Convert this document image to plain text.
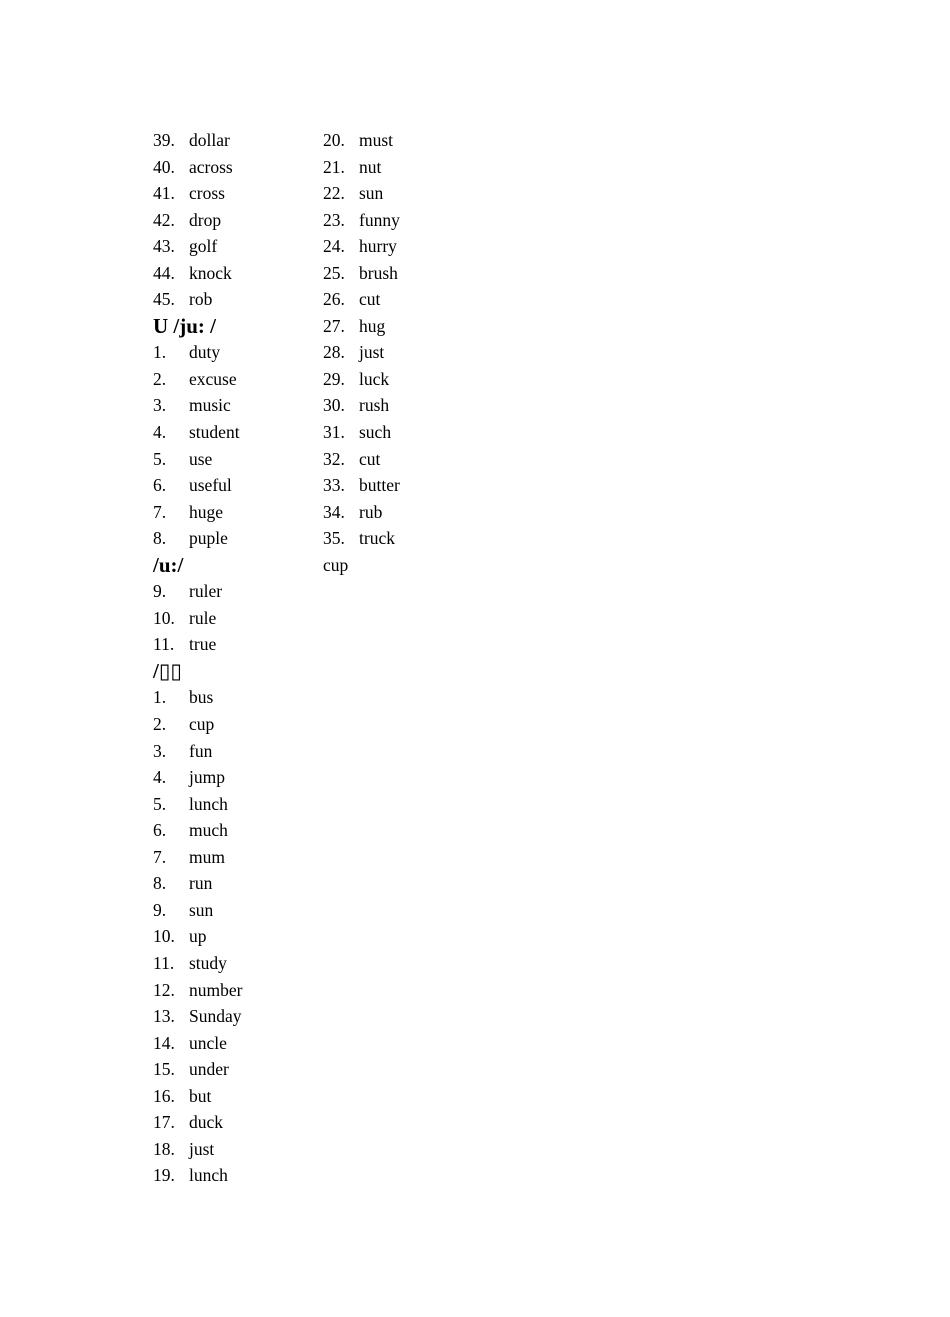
39. dollar
40. across
41. cross
42. drop
43. golf
44. knock
45. rob
U /ju: /
1. duty
2. excuse
3. music
4. student
5. use
6. useful
7. huge
8. puple
/u:/
9. ruler
10. rule
11. true
/▯▯
1. bus
2. cup
3. fun
4. jump
5. lunch
6. much
7. mum
8. run
9. sun
10. up
11. study
12. number
13. Sunday
14. uncle
15. under
16. but
17. duck
18. just
19. lunch
20. must
21. nut
22. sun
23. funny
24. hurry
25. brush
26. cut
27. hug
28. just
29. luck
30. rush
31. such
32. cut
33. butter
34. rub
35. truck
cup
